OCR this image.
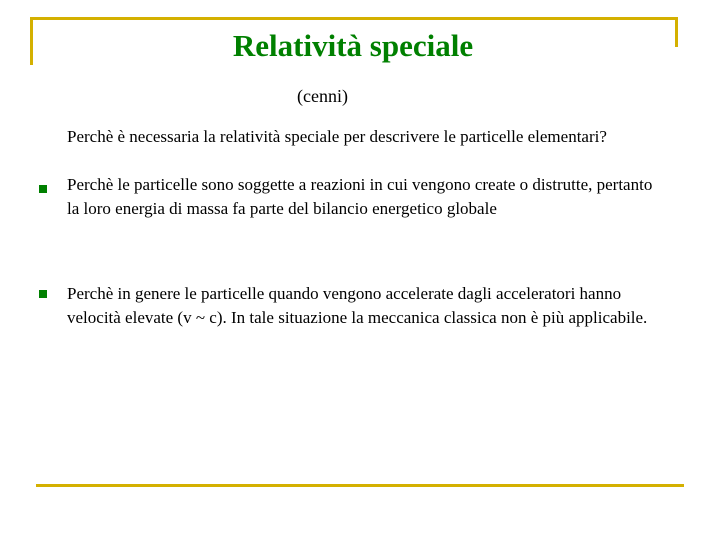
Relatività speciale
(cenni)
Perchè è necessaria la relatività speciale per descrivere le particelle elementari?
Perchè le particelle sono soggette a reazioni in cui vengono create o distrutte, pertanto la loro energia di massa fa parte del bilancio energetico globale
Perchè in genere le particelle quando vengono accelerate dagli acceleratori hanno velocità elevate (v ~ c). In tale situazione la meccanica classica non è più applicabile.
